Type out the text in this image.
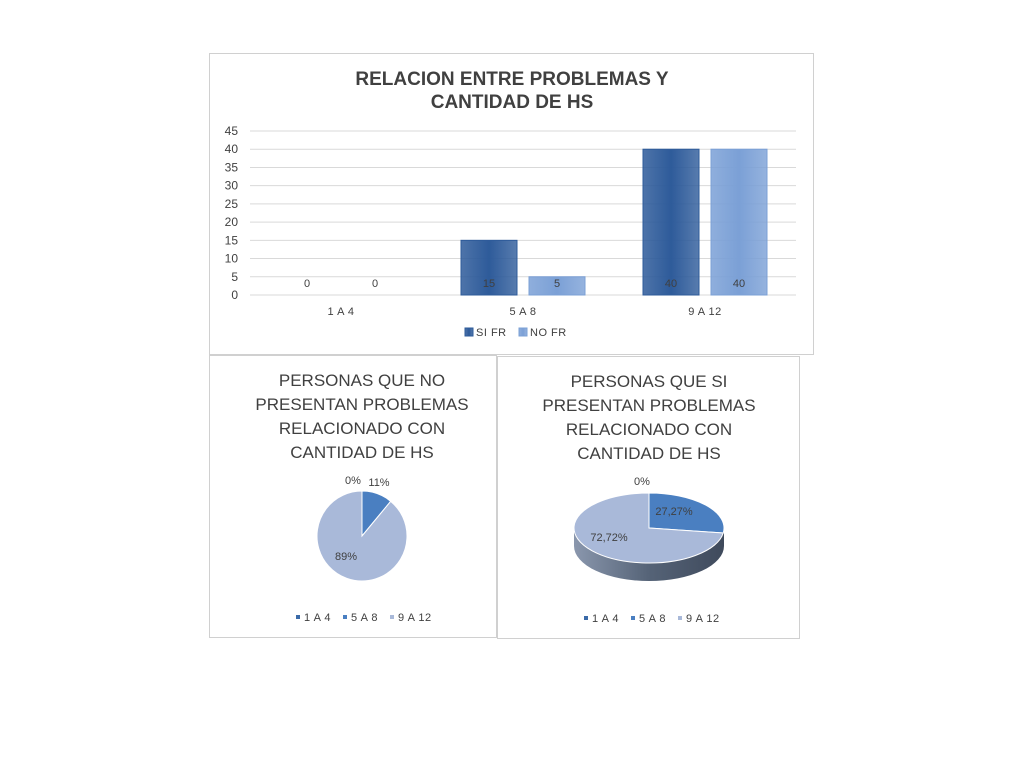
RELACION ENTRE PROBLEMAS Y
CANTIDAD DE HS
0
5
10
15
20
25
30
35
40
45
1 A 4
0	0
5 A 8
15	5
9 A 12
40	40
SI FR NO FR
PERSONAS QUE NO
PRESENTAN PROBLEMAS
RELACIONADO CON
CANTIDAD DE HS
0% 11%
89%
1 A 4 5 A 8 9 A 12
PERSONAS QUE SI
PRESENTAN PROBLEMAS
RELACIONADO CON
CANTIDAD DE HS
0%
27,27%
72,72%
1 A 4 5 A 8 9 A 12
